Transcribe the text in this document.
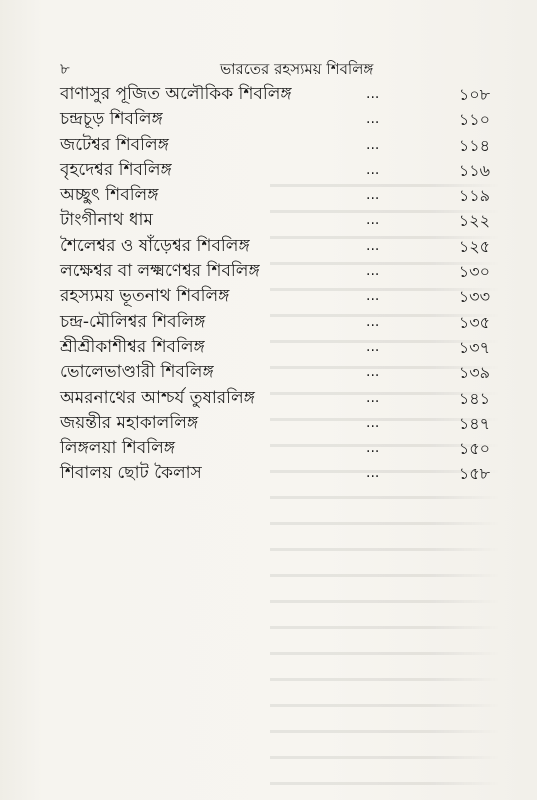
৮	ভারতের রহস্যময় শিবলিঙ্গ
বাণাসুর পূজিত অলৌকিক শিবলিঙ্গ	...	১০৮
চন্দ্রচূড় শিবলিঙ্গ	...	১১০
জটেশ্বর শিবলিঙ্গ	...	১১৪
বৃহদেশ্বর শিবলিঙ্গ	...	১১৬
অচ্ছুৎ শিবলিঙ্গ	...	১১৯
টাংগীনাথ ধাম	...	১২২
শৈলেশ্বর ও ষাঁড়েশ্বর শিবলিঙ্গ	...	১২৫
লক্ষেশ্বর বা লক্ষ্মণেশ্বর শিবলিঙ্গ	...	১৩০
রহস্যময় ভূতনাথ শিবলিঙ্গ	...	১৩৩
চন্দ্র-মৌলিশ্বর শিবলিঙ্গ	...	১৩৫
শ্রীশ্রীকাশীশ্বর শিবলিঙ্গ	...	১৩৭
ভোলেভাণ্ডারী শিবলিঙ্গ	...	১৩৯
অমরনাথের আশ্চর্য তুষারলিঙ্গ	...	১৪১
জয়ন্তীর মহাকাললিঙ্গ	...	১৪৭
লিঙ্গলয়া শিবলিঙ্গ	...	১৫০
শিবালয় ছোট কৈলাস	...	১৫৮
